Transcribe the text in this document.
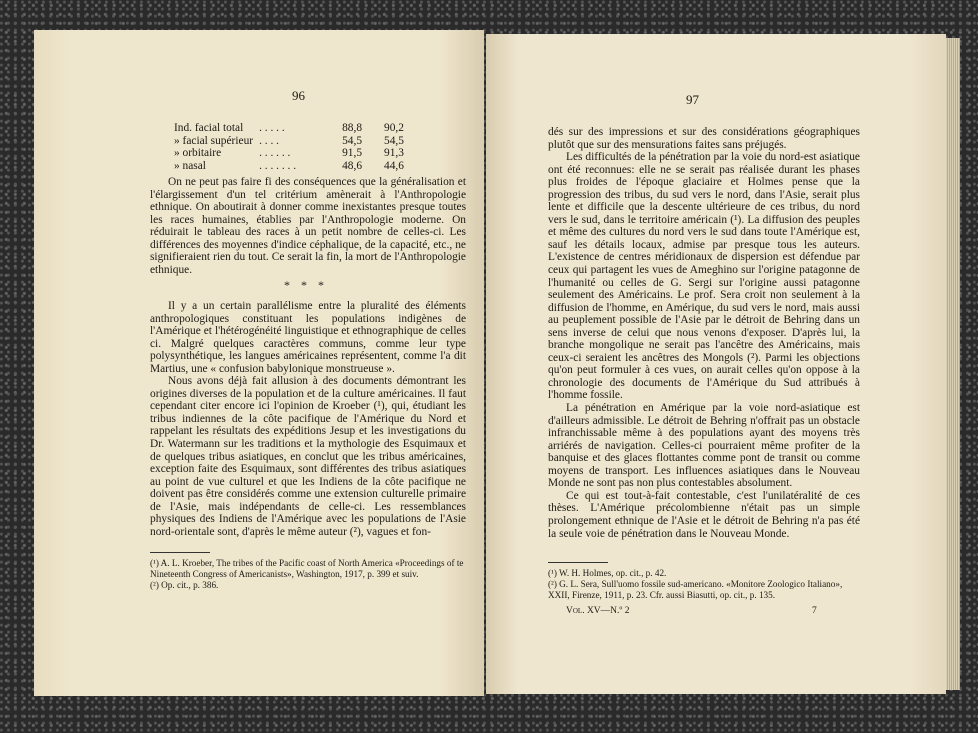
96
Ind. facial total	. . . . .	88,8	90,2
» facial supérieur	. . . .	54,5	54,5
» orbitaire	. . . . . .	91,5	91,3
» nasal	. . . . . . .	48,6	44,6

On ne peut pas faire fi des conséquences que la généralisation et l'élargissement d'un tel critérium amènerait à l'Anthropologie ethnique. On aboutirait à donner comme inexistantes presque toutes les races humaines, établies par l'Anthropologie moderne. On réduirait le tableau des races à un petit nombre de celles-ci. Les différences des moyennes d'indice céphalique, de la capacité, etc., ne signifieraient rien du tout. Ce serait la fin, la mort de l'Anthropologie ethnique.

* * *

Il y a un certain parallélisme entre la pluralité des éléments anthropologiques constituant les populations indigènes de l'Amérique et l'hétérogénéité linguistique et ethnographique de celles ci. Malgré quelques caractères communs, comme leur type polysynthétique, les langues américaines représentent, comme l'a dit Martius, une « confusion babylonique monstrueuse ».

Nous avons déjà fait allusion à des documents démontrant les origines diverses de la population et de la culture américaines. Il faut cependant citer encore ici l'opinion de Kroeber (¹), qui, étudiant les tribus indiennes de la côte pacifique de l'Amérique du Nord et rappelant les résultats des expéditions Jesup et les investigations du Dr. Watermann sur les traditions et la mythologie des Esquimaux et de quelques tribus asiatiques, en conclut que les tribus américaines, exception faite des Esquimaux, sont différentes des tribus asiatiques au point de vue culturel et que les Indiens de la côte pacifique ne doivent pas être considérés comme une extension culturelle primaire de l'Asie, mais indépendants de celle-ci. Les ressemblances physiques des Indiens de l'Amérique avec les populations de l'Asie nord-orientale sont, d'après le même auteur (²), vagues et fon-

(¹) A. L. Kroeber, The tribes of the Pacific coast of North America «Proceedings of te Nineteenth Congress of Americanists», Washington, 1917, p. 399 et suiv.

(²) Op. cit., p. 386.

97

dés sur des impressions et sur des considérations géographiques plutôt que sur des mensurations faites sans préjugés.

Les difficultés de la pénétration par la voie du nord-est asiatique ont été reconnues: elle ne se serait pas réalisée durant les phases plus froides de l'époque glaciaire et Holmes pense que la progression des tribus, du sud vers le nord, dans l'Asie, serait plus lente et difficile que la descente ultérieure de ces tribus, du nord vers le sud, dans le territoire américain (¹). La diffusion des peuples et même des cultures du nord vers le sud dans toute l'Amérique est, sauf les détails locaux, admise par presque tous les auteurs. L'existence de centres méridionaux de dispersion est défendue par ceux qui partagent les vues de Ameghino sur l'origine patagonne de l'humanité ou celles de G. Sergi sur l'origine aussi patagonne seulement des Américains. Le prof. Sera croit non seulement à la diffusion de l'homme, en Amérique, du sud vers le nord, mais aussi au peuplement possible de l'Asie par le détroit de Behring dans un sens inverse de celui que nous venons d'exposer. D'après lui, la branche mongolique ne serait pas l'ancêtre des Américains, mais ceux-ci seraient les ancêtres des Mongols (²). Parmi les objections qu'on peut formuler à ces vues, on aurait celles qu'on oppose à la chronologie des documents de l'Amérique du Sud attribués à l'homme fossile.

La pénétration en Amérique par la voie nord-asiatique est d'ailleurs admissible. Le détroit de Behring n'offrait pas un obstacle infranchissable même à des populations ayant des moyens très arriérés de navigation. Celles-ci pourraient même profiter de la banquise et des glaces flottantes comme pont de transit ou comme moyens de transport. Les influences asiatiques dans le Nouveau Monde ne sont pas non plus contestables absolument.

Ce qui est tout-à-fait contestable, c'est l'unilatéralité de ces thèses. L'Amérique précolombienne n'était pas un simple prolongement ethnique de l'Asie et le détroit de Behring n'a pas été la seule voie de pénétration dans le Nouveau Monde.

(¹) W. H. Holmes, op. cit., p. 42.

(²) G. L. Sera, Sull'uomo fossile sud-americano. «Monitore Zoologico Italiano», XXII, Firenze, 1911, p. 23. Cfr. aussi Biasutti, op. cit., p. 135.

Vol. XV—N.º 2	7
